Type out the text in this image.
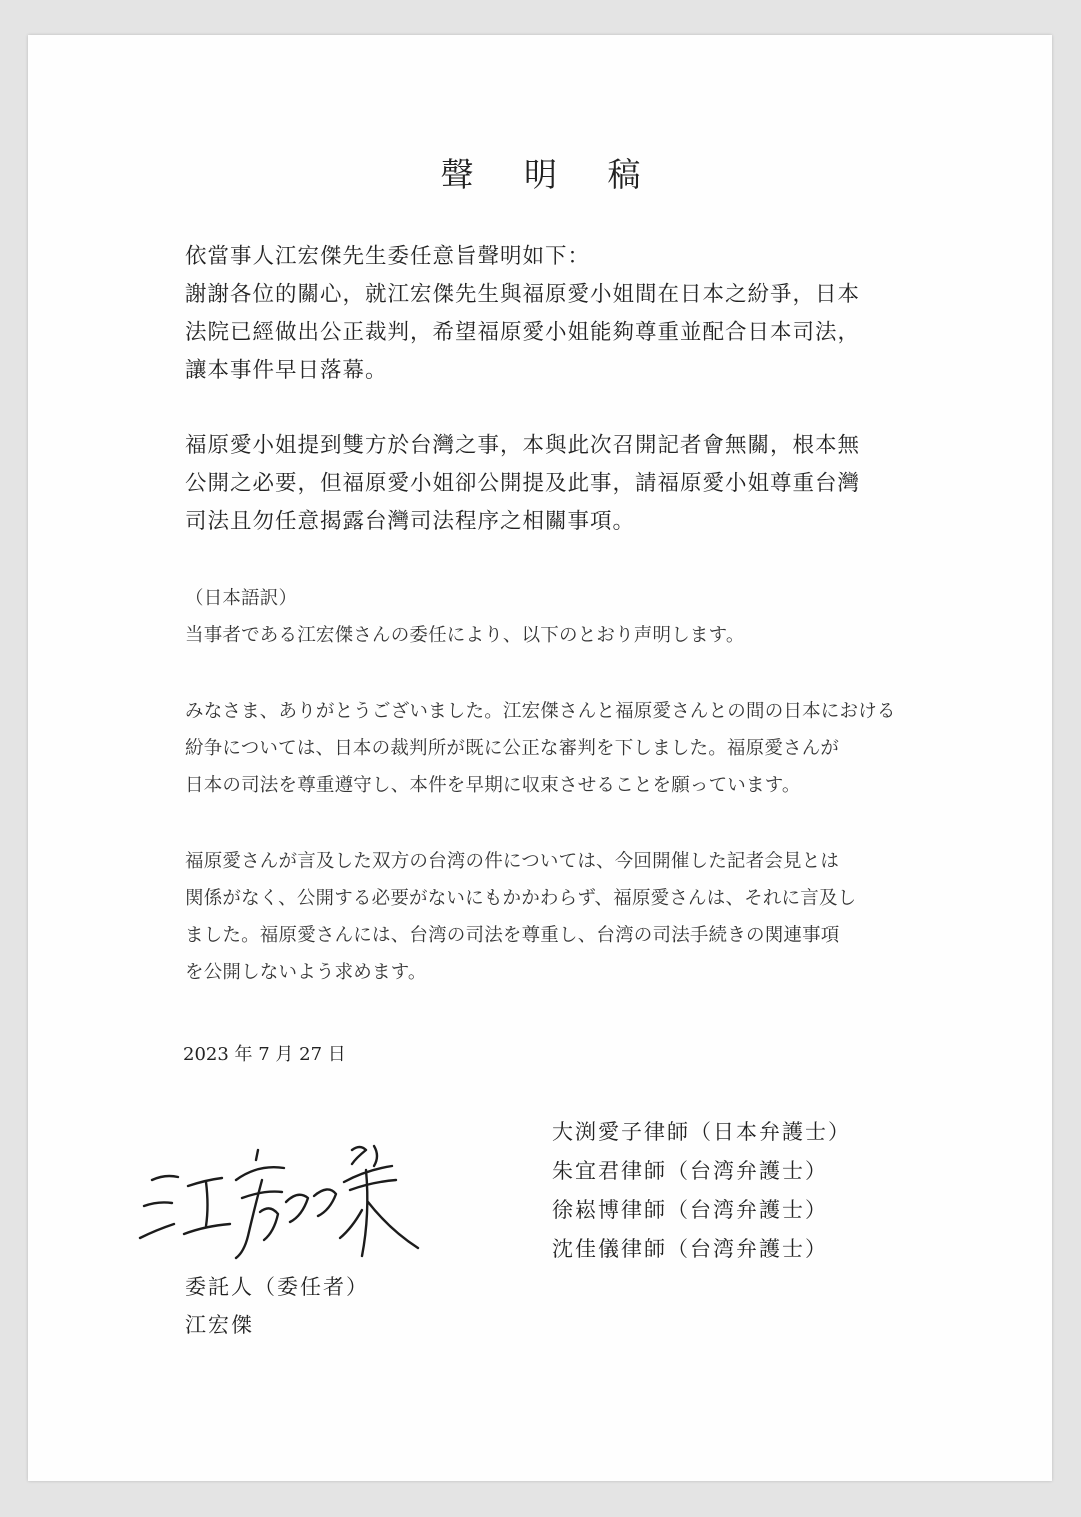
聲 明 稿
依當事人江宏傑先生委任意旨聲明如下：
謝謝各位的關心，就江宏傑先生與福原愛小姐間在日本之紛爭，日本
法院已經做出公正裁判，希望福原愛小姐能夠尊重並配合日本司法，
讓本事件早日落幕。
福原愛小姐提到雙方於台灣之事，本與此次召開記者會無關，根本無
公開之必要，但福原愛小姐卻公開提及此事，請福原愛小姐尊重台灣
司法且勿任意揭露台灣司法程序之相關事項。
（日本語訳）
当事者である江宏傑さんの委任により、以下のとおり声明します。
みなさま、ありがとうございました。江宏傑さんと福原愛さんとの間の日本における
紛争については、日本の裁判所が既に公正な審判を下しました。福原愛さんが
日本の司法を尊重遵守し、本件を早期に収束させることを願っています。
福原愛さんが言及した双方の台湾の件については、今回開催した記者会見とは
関係がなく、公開する必要がないにもかかわらず、福原愛さんは、それに言及し
ました。福原愛さんには、台湾の司法を尊重し、台湾の司法手続きの関連事項
を公開しないよう求めます。
2023 年 7 月 27 日
委託人（委任者）
江宏傑
大渕愛子律師（日本弁護士）
朱宜君律師（台湾弁護士）
徐崧博律師（台湾弁護士）
沈佳儀律師（台湾弁護士）
